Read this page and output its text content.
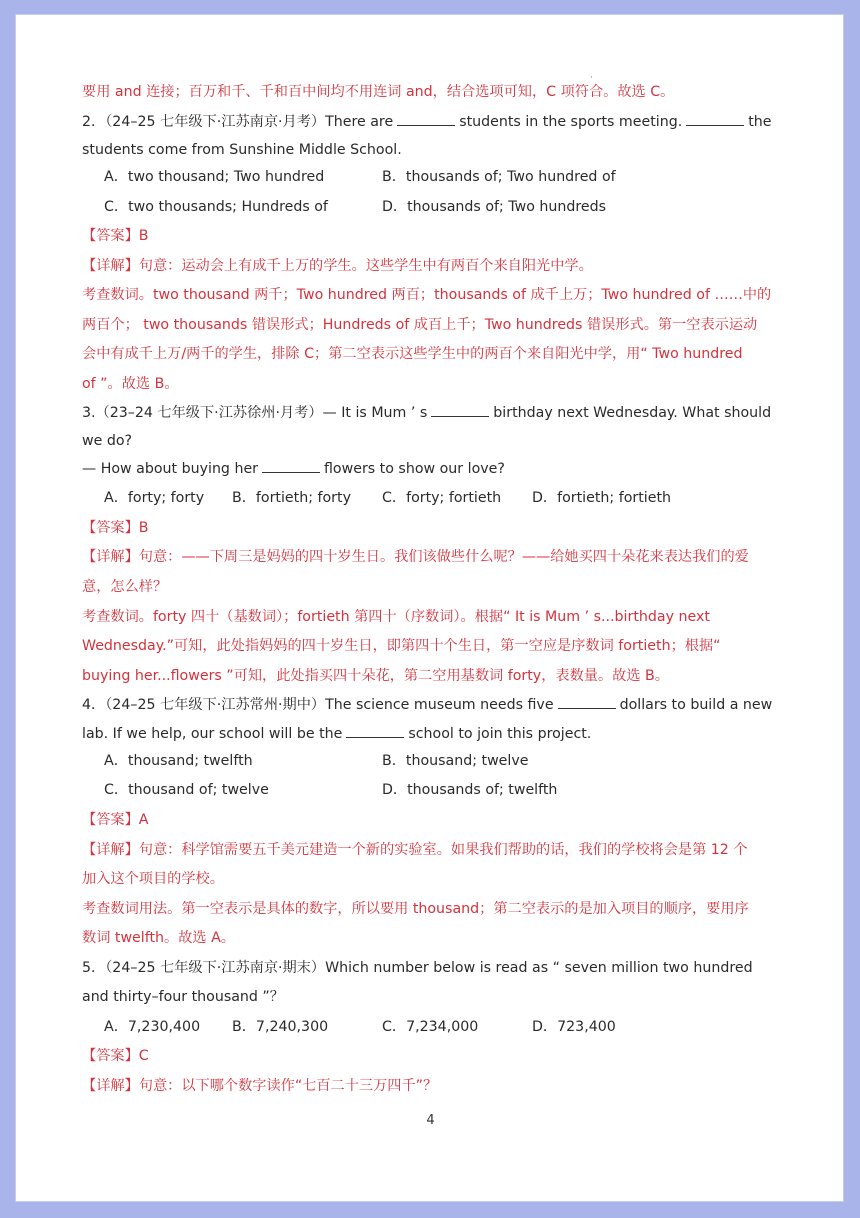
·
要用 and 连接；百万和千、千和百中间均不用连词 and，结合选项可知，C 项符合。故选 C。
2．（24–25 七年级下·江苏南京·月考）There are	students in the sports meeting.	the
students come from Sunshine Middle School.
A．two thousand; Two hundred	B．thousands of; Two hundred of
C．two thousands; Hundreds of	D．thousands of; Two hundreds
【答案】B
【详解】句意：运动会上有成千上万的学生。这些学生中有两百个来自阳光中学。
考查数词。two thousand 两千；Two hundred 两百；thousands of 成千上万；Two hundred of ……中的
两百个； two thousands 错误形式；Hundreds of 成百上千；Two hundreds 错误形式。第一空表示运动
会中有成千上万/两千的学生，排除 C；第二空表示这些学生中的两百个来自阳光中学，用“ Two hundred
of ”。故选 B。
3.（23–24 七年级下·江苏徐州·月考）— It is Mum ’ s	birthday next Wednesday. What should
we do?
— How about buying her	flowers to show our love?
A．forty; forty B．fortieth; forty C．forty; fortieth D．fortieth; fortieth
【答案】B
【详解】句意：——下周三是妈妈的四十岁生日。我们该做些什么呢？——给她买四十朵花来表达我们的爱
意，怎么样？
考查数词。forty 四十（基数词）；fortieth 第四十（序数词）。根据“ It is Mum ’ s...birthday next
Wednesday.”可知，此处指妈妈的四十岁生日，即第四十个生日，第一空应是序数词 fortieth；根据“
buying her...flowers ”可知，此处指买四十朵花，第二空用基数词 forty，表数量。故选 B。
4．（24–25 七年级下·江苏常州·期中）The science museum needs five	dollars to build a new
lab. If we help, our school will be the	school to join this project.
A．thousand; twelfth	B．thousand; twelve
C．thousand of; twelve	D．thousands of; twelfth
【答案】A
【详解】句意：科学馆需要五千美元建造一个新的实验室。如果我们帮助的话，我们的学校将会是第 12 个
加入这个项目的学校。
考查数词用法。第一空表示是具体的数字，所以要用 thousand；第二空表示的是加入项目的顺序，要用序
数词 twelfth。故选 A。
5．（24–25 七年级下·江苏南京·期末）Which number below is read as “ seven million two hundred
and thirty–four thousand ”？
A．7,230,400 B．7,240,300	C．7,234,000	D．723,400
【答案】C
【详解】句意：以下哪个数字读作“七百二十三万四千”？
4
